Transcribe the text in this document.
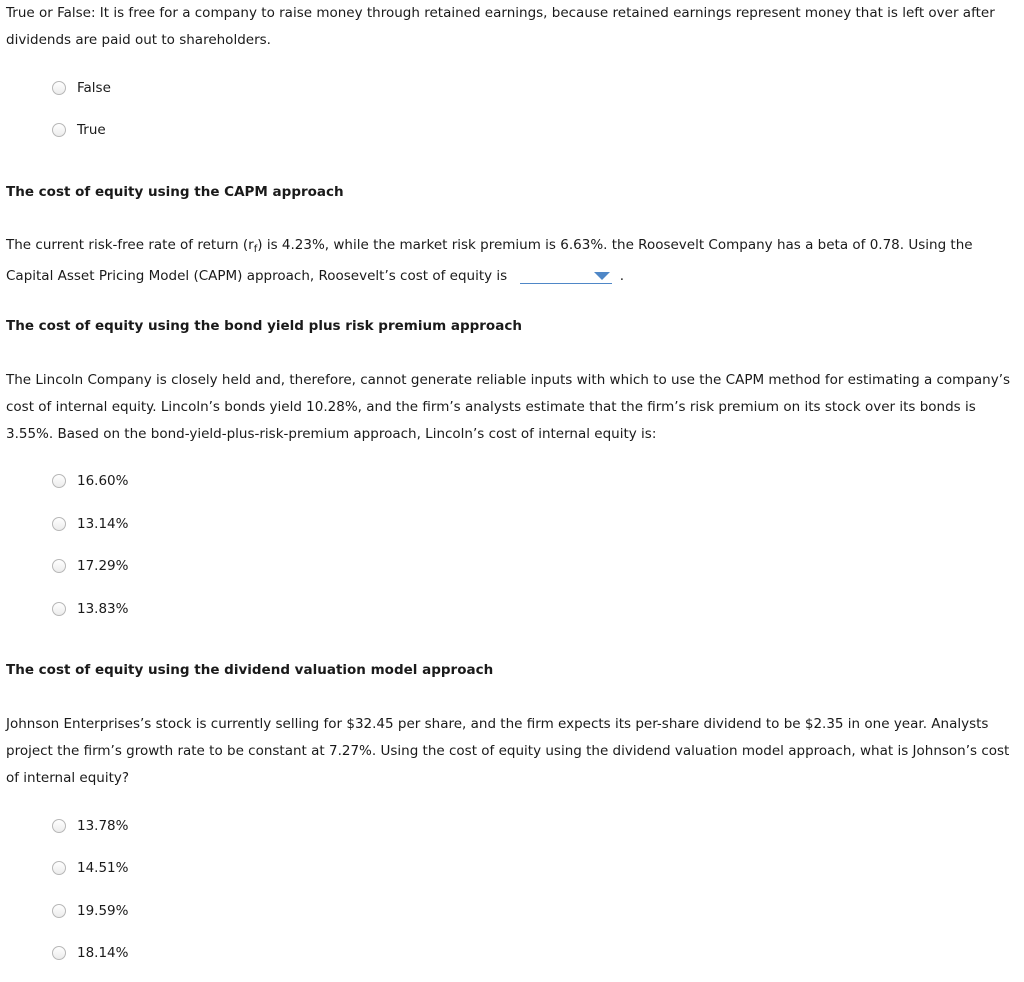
True or False: It is free for a company to raise money through retained earnings, because retained earnings represent money that is left over after dividends are paid out to shareholders.

False
True
The cost of equity using the CAPM approach

The current risk-free rate of return $(r_f)$ is 4.23%, while the market risk premium is 6.63%. the Roosevelt Company has a beta of 0.78. Using the Capital Asset Pricing Model (CAPM) approach, Roosevelt’s cost of equity is	.

The cost of equity using the bond yield plus risk premium approach

The Lincoln Company is closely held and, therefore, cannot generate reliable inputs with which to use the CAPM method for estimating a company’s cost of internal equity. Lincoln’s bonds yield 10.28%, and the firm’s analysts estimate that the firm’s risk premium on its stock over its bonds is 3.55%. Based on the bond-yield-plus-risk-premium approach, Lincoln’s cost of internal equity is:

16.60%
13.14%
17.29%
13.83%
The cost of equity using the dividend valuation model approach

Johnson Enterprises’s stock is currently selling for $32.45 per share, and the firm expects its per-share dividend to be $2.35 in one year. Analysts project the firm’s growth rate to be constant at 7.27%. Using the cost of equity using the dividend valuation model approach, what is Johnson’s cost of internal equity?

13.78%
14.51%
19.59%
18.14%
